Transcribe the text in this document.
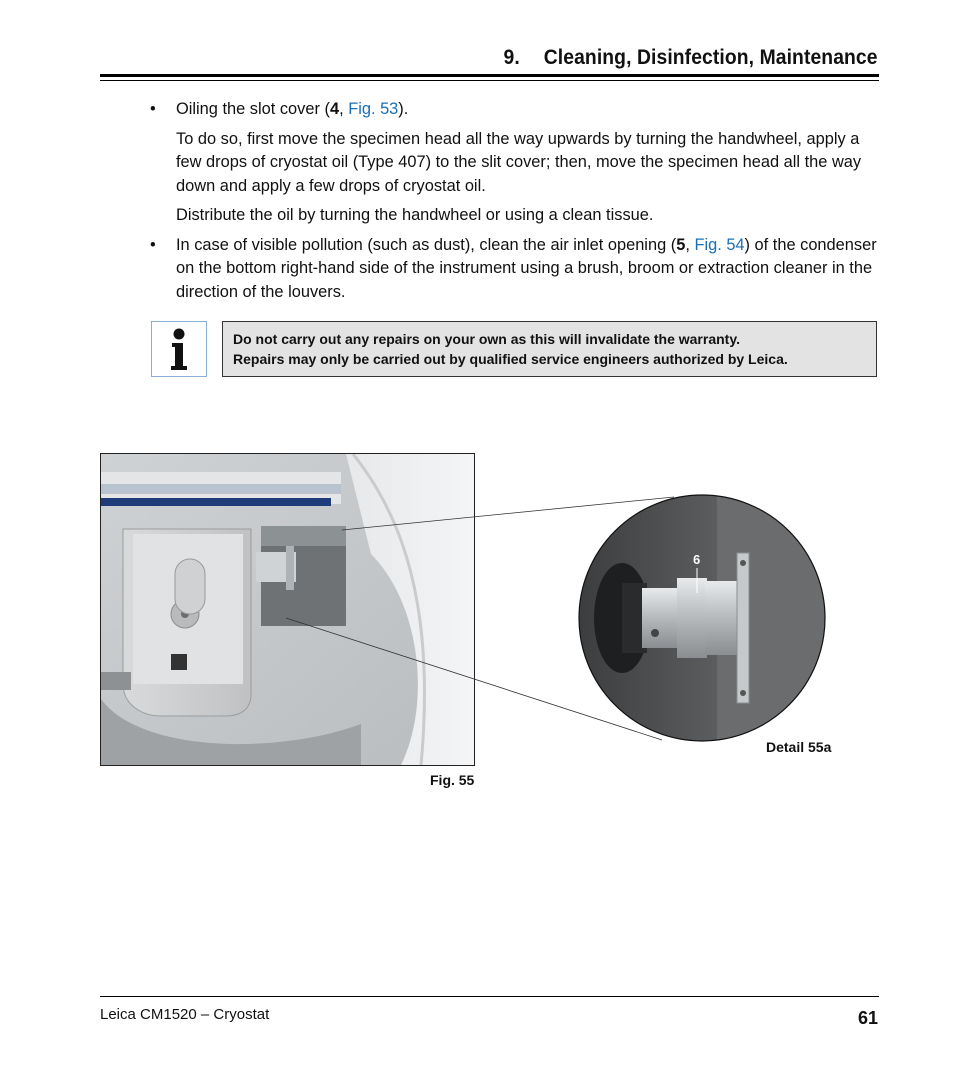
9. Cleaning, Disinfection, Maintenance
• Oiling the slot cover (4, Fig. 53).
To do so, first move the specimen head all the way upwards by turning the handwheel, apply a few drops of cryostat oil (Type 407) to the slit cover; then, move the specimen head all the way down and apply a few drops of cryostat oil.
Distribute the oil by turning the handwheel or using a clean tissue.
• In case of visible pollution (such as dust), clean the air inlet opening (5, Fig. 54) of the condenser on the bottom right-hand side of the instrument using a brush, broom or extraction cleaner in the direction of the louvers.
Do not carry out any repairs on your own as this will invalidate the warranty.
Repairs may only be carried out by qualified service engineers authorized by Leica.
Fig. 55
6
Detail 55a
Leica CM1520 – Cryostat	61
